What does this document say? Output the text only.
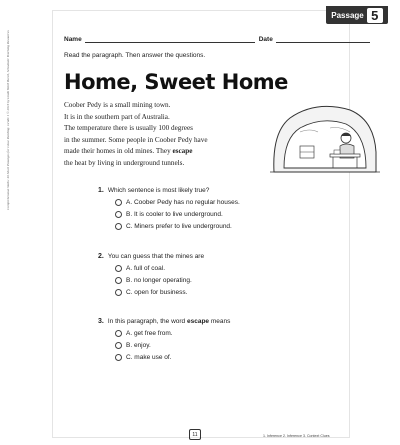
Comprehension Skills: 40 Short Passages for Close Reading: Grade 1 © 2013 by Linda Ward Beech, Scholastic Teaching Resources
Passage 5
Name	Date
Read the paragraph. Then answer the questions.
Home, Sweet Home
Coober Pedy is a small mining town.
It is in the southern part of Australia.
The temperature there is usually 100 degrees
in the summer. Some people in Coober Pedy have
made their homes in old mines. They escape
the heat by living in underground tunnels.
1. Which sentence is most likely true?
A. Coober Pedy has no regular houses.
B. It is cooler to live underground.
C. Miners prefer to live underground.
2. You can guess that the mines are
A. full of coal.
B. no longer operating.
C. open for business.
3. In this paragraph, the word escape means
A. get free from.
B. enjoy.
C. make use of.
11	1. Inference 2. Inference 3. Context Clues
